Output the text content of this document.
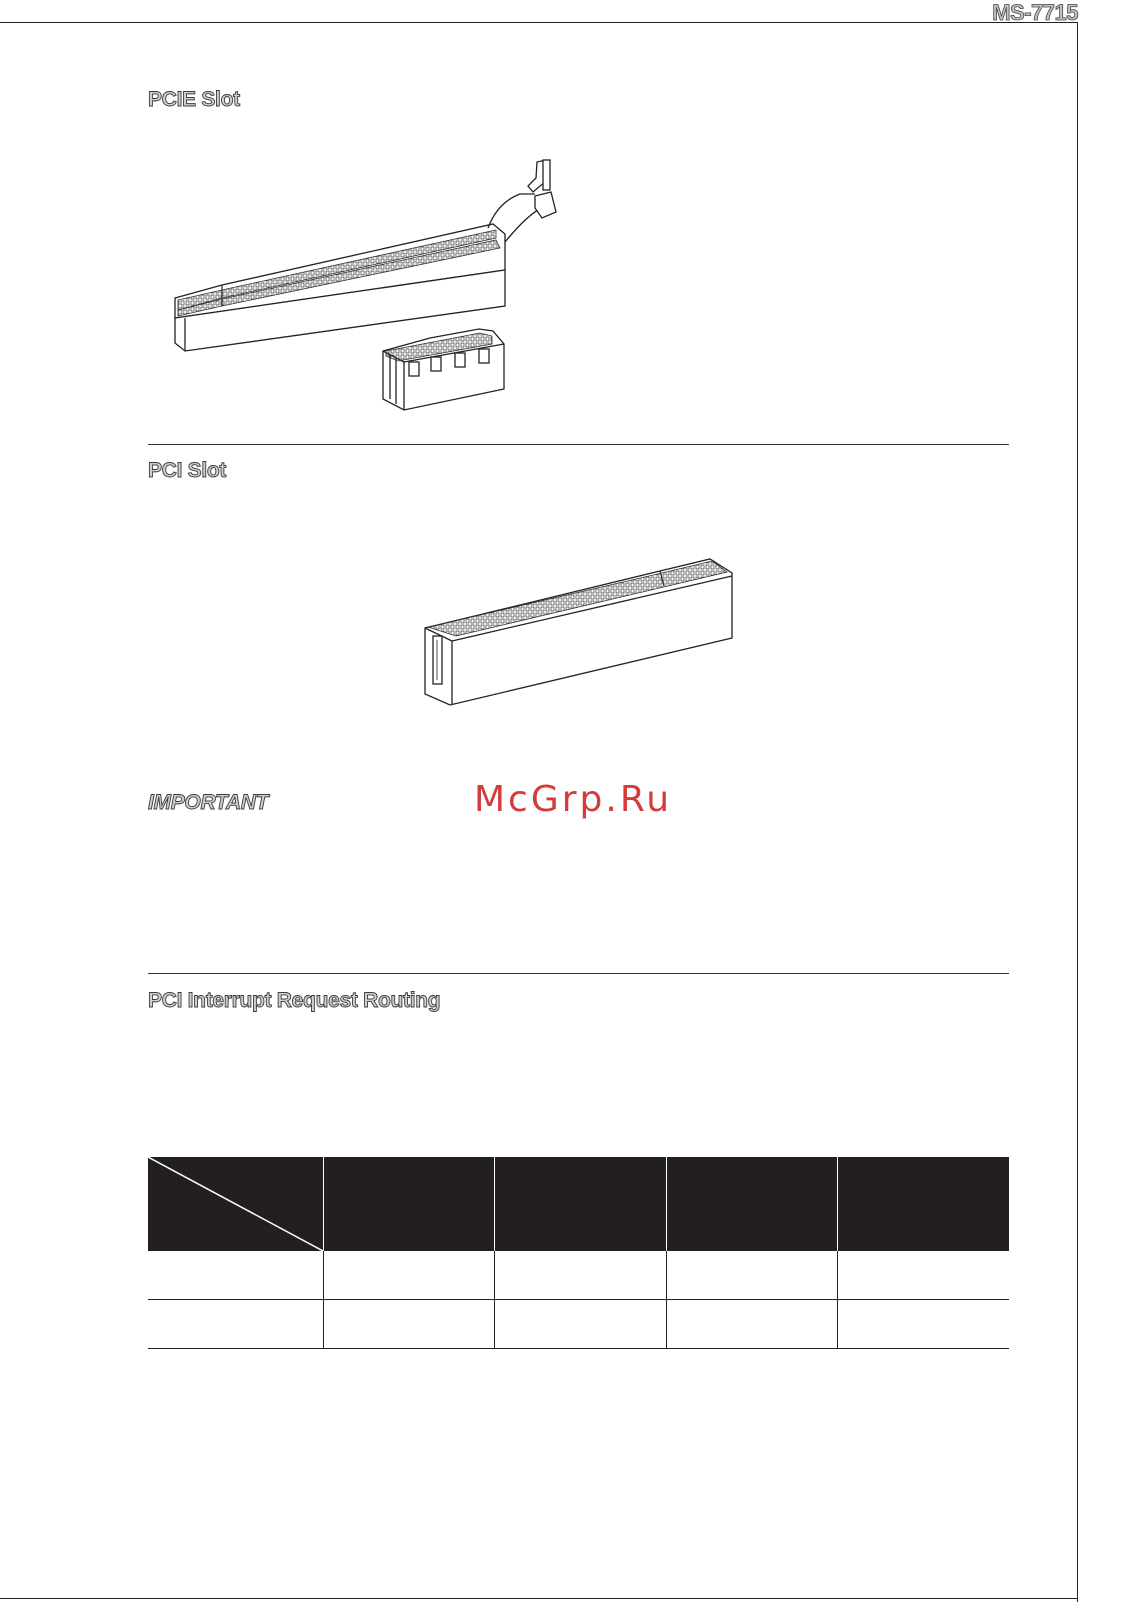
MS-7715
PCIE Slot
PCI Slot
IMPORTANT	McGrp.Ru
PCI Interrupt Request Routing
